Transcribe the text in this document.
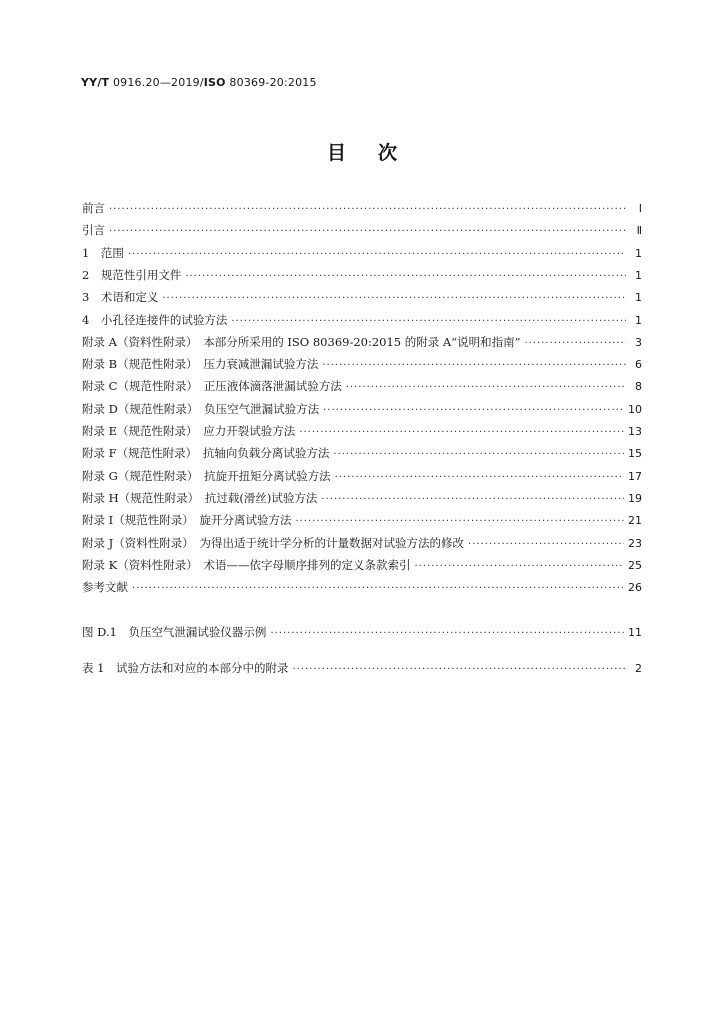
YY/T 0916.20—2019/ISO 80369-20:2015
目次
前言 ·····	Ⅰ
引言 ·····	Ⅱ
1　范围 ·····	1
2　规范性引用文件 ·····	1
3　术语和定义 ·····	1
4　小孔径连接件的试验方法 ·····	1
附录 A（资料性附录）　本部分所采用的 ISO 80369-20:2015 的附录 A“说明和指南” ·····	3
附录 B（规范性附录）　压力衰减泄漏试验方法 ·····	6
附录 C（规范性附录）　正压液体滴落泄漏试验方法 ·····	8
附录 D（规范性附录）　负压空气泄漏试验方法 ·····	10
附录 E（规范性附录）　应力开裂试验方法 ·····	13
附录 F（规范性附录）　抗轴向负载分离试验方法 ·····	15
附录 G（规范性附录）　抗旋开扭矩分离试验方法 ·····	17
附录 H（规范性附录）　抗过载(滑丝)试验方法 ·····	19
附录 I（规范性附录）　旋开分离试验方法 ·····	21
附录 J（资料性附录）　为得出适于统计学分析的计量数据对试验方法的修改 ·····	23
附录 K（资料性附录）　术语——依字母顺序排列的定义条款索引 ·····	25
参考文献 ·····	26
图 D.1　负压空气泄漏试验仪器示例 ·····	11
表 1　试验方法和对应的本部分中的附录 ·····	2
